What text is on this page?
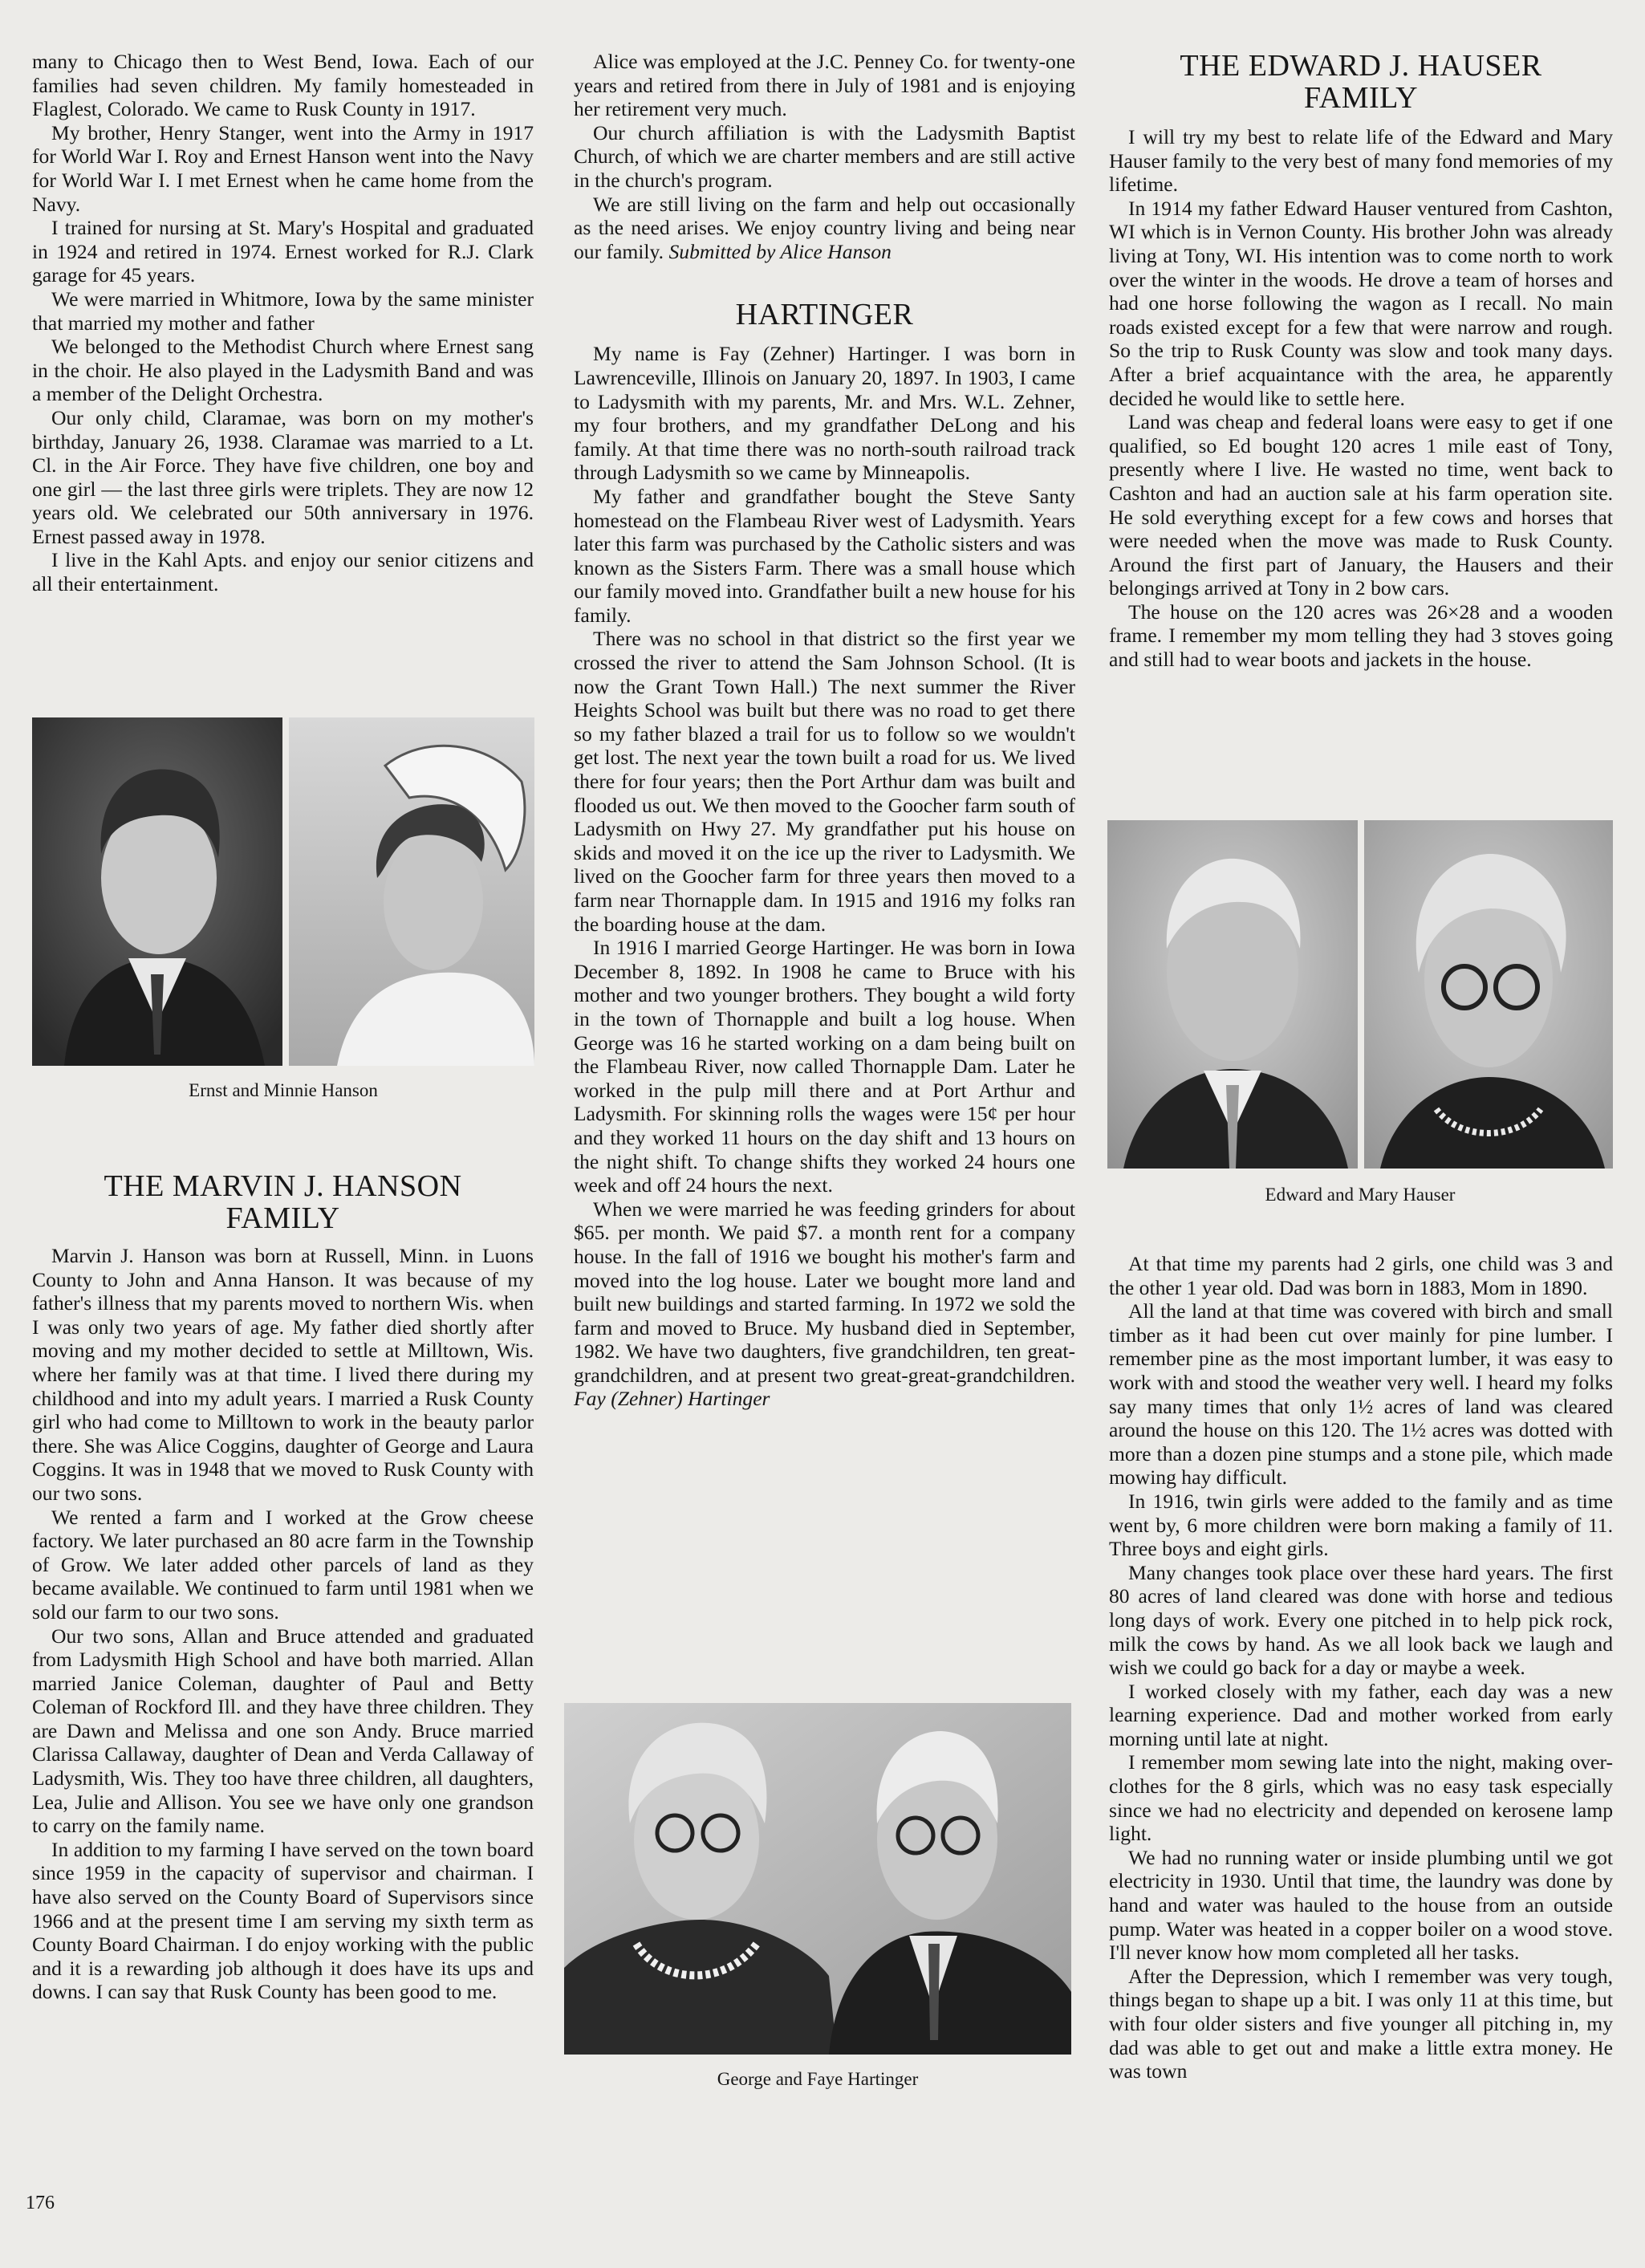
many to Chicago then to West Bend, Iowa. Each of our families had seven children. My family homesteaded in Flaglest, Colorado. We came to Rusk County in 1917.

My brother, Henry Stanger, went into the Army in 1917 for World War I. Roy and Ernest Hanson went into the Navy for World War I. I met Ernest when he came home from the Navy.

I trained for nursing at St. Mary's Hospital and graduated in 1924 and retired in 1974. Ernest worked for R.J. Clark garage for 45 years.

We were married in Whitmore, Iowa by the same minister that married my mother and father

We belonged to the Methodist Church where Ernest sang in the choir. He also played in the Ladysmith Band and was a member of the Delight Orchestra.

Our only child, Claramae, was born on my mother's birthday, January 26, 1938. Claramae was married to a Lt. Cl. in the Air Force. They have five children, one boy and one girl — the last three girls were triplets. They are now 12 years old. We celebrated our 50th anniversary in 1976. Ernest passed away in 1978.

I live in the Kahl Apts. and enjoy our senior citizens and all their entertainment.

Ernst and Minnie Hanson
THE MARVIN J. HANSON FAMILY

Marvin J. Hanson was born at Russell, Minn. in Luons County to John and Anna Hanson. It was because of my father's illness that my parents moved to northern Wis. when I was only two years of age. My father died shortly after moving and my mother decided to settle at Milltown, Wis. where her family was at that time. I lived there during my childhood and into my adult years. I married a Rusk County girl who had come to Milltown to work in the beauty parlor there. She was Alice Coggins, daughter of George and Laura Coggins. It was in 1948 that we moved to Rusk County with our two sons.

We rented a farm and I worked at the Grow cheese factory. We later purchased an 80 acre farm in the Township of Grow. We later added other parcels of land as they became available. We continued to farm until 1981 when we sold our farm to our two sons.

Our two sons, Allan and Bruce attended and graduated from Ladysmith High School and have both married. Allan married Janice Coleman, daughter of Paul and Betty Coleman of Rockford Ill. and they have three children. They are Dawn and Melissa and one son Andy. Bruce married Clarissa Callaway, daughter of Dean and Verda Callaway of Ladysmith, Wis. They too have three children, all daughters, Lea, Julie and Allison. You see we have only one grandson to carry on the family name.

In addition to my farming I have served on the town board since 1959 in the capacity of supervisor and chairman. I have also served on the County Board of Supervisors since 1966 and at the present time I am serving my sixth term as County Board Chairman. I do enjoy working with the public and it is a rewarding job although it does have its ups and downs. I can say that Rusk County has been good to me.

176

Alice was employed at the J.C. Penney Co. for twenty-one years and retired from there in July of 1981 and is enjoying her retirement very much.

Our church affiliation is with the Ladysmith Baptist Church, of which we are charter members and are still active in the church's program.

We are still living on the farm and help out occasionally as the need arises. We enjoy country living and being near our family. Submitted by Alice Hanson

HARTINGER

My name is Fay (Zehner) Hartinger. I was born in Lawrenceville, Illinois on January 20, 1897. In 1903, I came to Ladysmith with my parents, Mr. and Mrs. W.L. Zehner, my four brothers, and my grandfather DeLong and his family. At that time there was no north-south railroad track through Ladysmith so we came by Minneapolis.

My father and grandfather bought the Steve Santy homestead on the Flambeau River west of Ladysmith. Years later this farm was purchased by the Catholic sisters and was known as the Sisters Farm. There was a small house which our family moved into. Grandfather built a new house for his family.

There was no school in that district so the first year we crossed the river to attend the Sam Johnson School. (It is now the Grant Town Hall.) The next summer the River Heights School was built but there was no road to get there so my father blazed a trail for us to follow so we wouldn't get lost. The next year the town built a road for us. We lived there for four years; then the Port Arthur dam was built and flooded us out. We then moved to the Goocher farm south of Ladysmith on Hwy 27. My grandfather put his house on skids and moved it on the ice up the river to Ladysmith. We lived on the Goocher farm for three years then moved to a farm near Thornapple dam. In 1915 and 1916 my folks ran the boarding house at the dam.

In 1916 I married George Hartinger. He was born in Iowa December 8, 1892. In 1908 he came to Bruce with his mother and two younger brothers. They bought a wild forty in the town of Thornapple and built a log house. When George was 16 he started working on a dam being built on the Flambeau River, now called Thornapple Dam. Later he worked in the pulp mill there and at Port Arthur and Ladysmith. For skinning rolls the wages were 15¢ per hour and they worked 11 hours on the day shift and 13 hours on the night shift. To change shifts they worked 24 hours one week and off 24 hours the next.

When we were married he was feeding grinders for about $65. per month. We paid $7. a month rent for a company house. In the fall of 1916 we bought his mother's farm and moved into the log house. Later we bought more land and built new buildings and started farming. In 1972 we sold the farm and moved to Bruce. My husband died in September, 1982. We have two daughters, five grandchildren, ten great-grandchildren, and at present two great-great-grandchildren. Fay (Zehner) Hartinger

George and Faye Hartinger
THE EDWARD J. HAUSER FAMILY

I will try my best to relate life of the Edward and Mary Hauser family to the very best of many fond memories of my lifetime.

In 1914 my father Edward Hauser ventured from Cashton, WI which is in Vernon County. His brother John was already living at Tony, WI. His intention was to come north to work over the winter in the woods. He drove a team of horses and had one horse following the wagon as I recall. No main roads existed except for a few that were narrow and rough. So the trip to Rusk County was slow and took many days. After a brief acquaintance with the area, he apparently decided he would like to settle here.

Land was cheap and federal loans were easy to get if one qualified, so Ed bought 120 acres 1 mile east of Tony, presently where I live. He wasted no time, went back to Cashton and had an auction sale at his farm operation site. He sold everything except for a few cows and horses that were needed when the move was made to Rusk County. Around the first part of January, the Hausers and their belongings arrived at Tony in 2 bow cars.

The house on the 120 acres was 26×28 and a wooden frame. I remember my mom telling they had 3 stoves going and still had to wear boots and jackets in the house.

Edward and Mary Hauser

At that time my parents had 2 girls, one child was 3 and the other 1 year old. Dad was born in 1883, Mom in 1890.

All the land at that time was covered with birch and small timber as it had been cut over mainly for pine lumber. I remember pine as the most important lumber, it was easy to work with and stood the weather very well. I heard my folks say many times that only 1½ acres of land was cleared around the house on this 120. The 1½ acres was dotted with more than a dozen pine stumps and a stone pile, which made mowing hay difficult.

In 1916, twin girls were added to the family and as time went by, 6 more children were born making a family of 11. Three boys and eight girls.

Many changes took place over these hard years. The first 80 acres of land cleared was done with horse and tedious long days of work. Every one pitched in to help pick rock, milk the cows by hand. As we all look back we laugh and wish we could go back for a day or maybe a week.

I worked closely with my father, each day was a new learning experience. Dad and mother worked from early morning until late at night.

I remember mom sewing late into the night, making over-clothes for the 8 girls, which was no easy task especially since we had no electricity and depended on kerosene lamp light.

We had no running water or inside plumbing until we got electricity in 1930. Until that time, the laundry was done by hand and water was hauled to the house from an outside pump. Water was heated in a copper boiler on a wood stove. I'll never know how mom completed all her tasks.

After the Depression, which I remember was very tough, things began to shape up a bit. I was only 11 at this time, but with four older sisters and five younger all pitching in, my dad was able to get out and make a little extra money. He was town
